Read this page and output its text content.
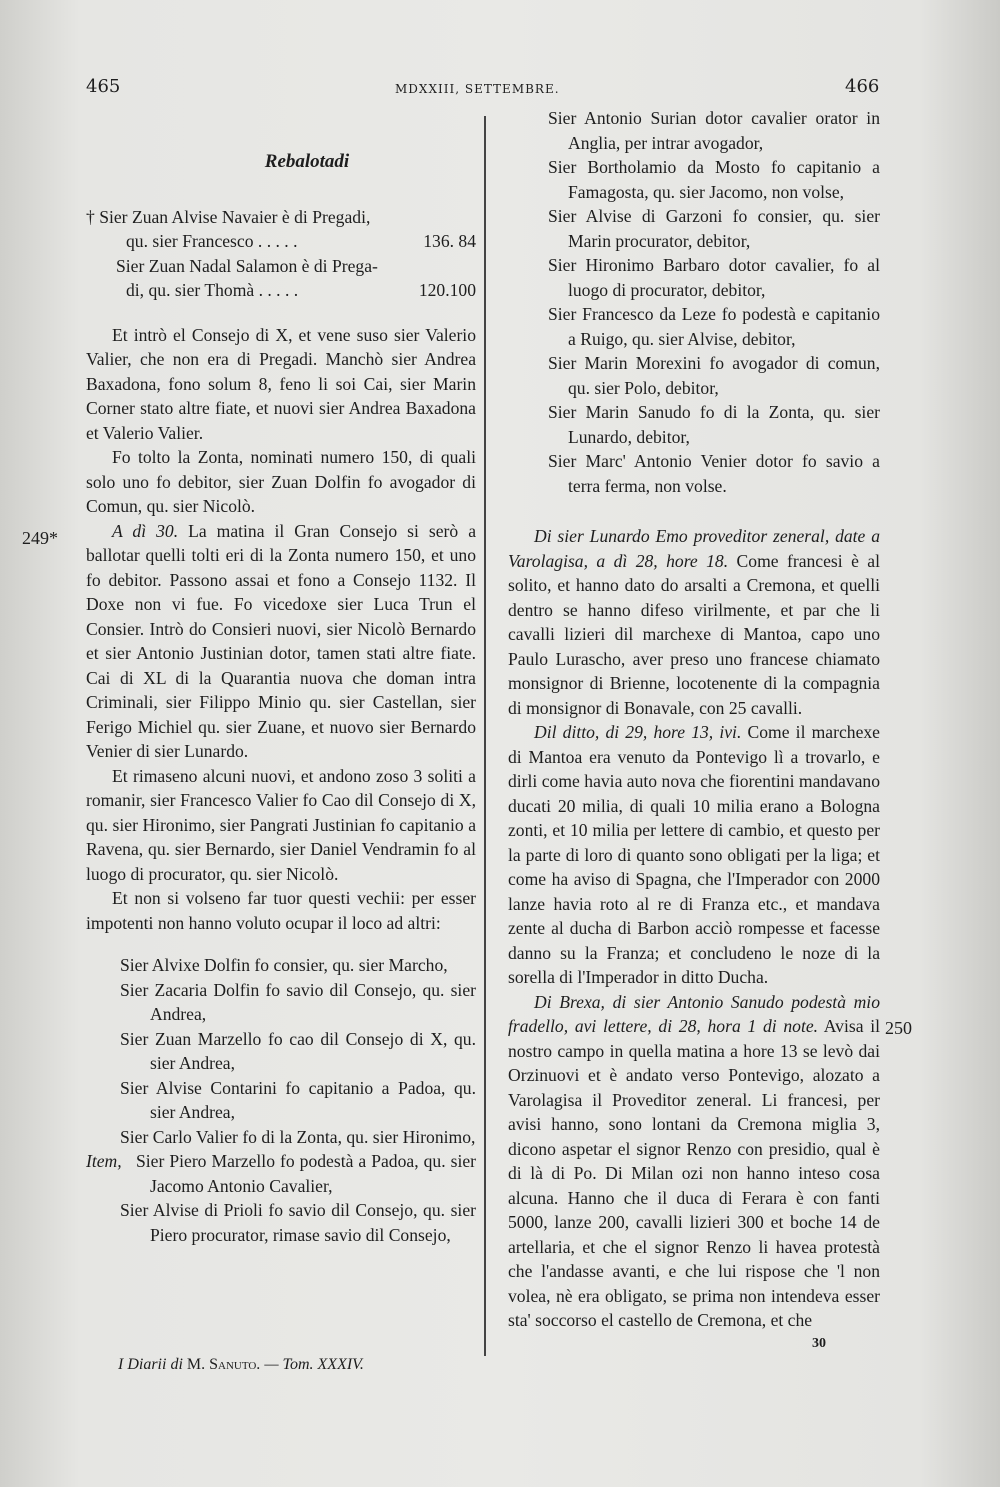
465	MDXXIII, SETTEMBRE.	466
249*
250
Rebalotadi
† Sier Zuan Alvise Navaier è di Pregadi,
qu. sier Francesco . . . . .	136. 84
Sier Zuan Nadal Salamon è di Prega-
di, qu. sier Thomà . . . . .	120.100

Et intrò el Consejo di X, et vene suso sier Valerio Valier, che non era di Pregadi. Manchò sier Andrea Baxadona, fono solum 8, feno li soi Cai, sier Marin Corner stato altre fiate, et nuovi sier Andrea Baxadona et Valerio Valier.

Fo tolto la Zonta, nominati numero 150, di quali solo uno fo debitor, sier Zuan Dolfin fo avogador di Comun, qu. sier Nicolò.

A dì 30. La matina il Gran Consejo si serò a ballotar quelli tolti eri di la Zonta numero 150, et uno fo debitor. Passono assai et fono a Consejo 1132. Il Doxe non vi fue. Fo vicedoxe sier Luca Trun el Consier. Intrò do Consieri nuovi, sier Nicolò Bernardo et sier Antonio Justinian dotor, tamen stati altre fiate. Cai di XL di la Quarantia nuova che doman intra Criminali, sier Filippo Minio qu. sier Castellan, sier Ferigo Michiel qu. sier Zuane, et nuovo sier Bernardo Venier di sier Lunardo.

Et rimaseno alcuni nuovi, et andono zoso 3 soliti a romanir, sier Francesco Valier fo Cao dil Consejo di X, qu. sier Hironimo, sier Pangrati Justinian fo capitanio a Ravena, qu. sier Bernardo, sier Daniel Vendramin fo al luogo di procurator, qu. sier Nicolò.

Et non si volseno far tuor questi vechii: per esser impotenti non hanno voluto ocupar il loco ad altri:

Sier Alvixe Dolfin fo consier, qu. sier Marcho,
Sier Zacaria Dolfin fo savio dil Consejo, qu. sier Andrea,
Sier Zuan Marzello fo cao dil Consejo di X, qu. sier Andrea,
Sier Alvise Contarini fo capitanio a Padoa, qu. sier Andrea,
Sier Carlo Valier fo di la Zonta, qu. sier Hironimo,
Item, Sier Piero Marzello fo podestà a Padoa, qu. sier Jacomo Antonio Cavalier,
Sier Alvise di Prioli fo savio dil Consejo, qu. sier Piero procurator, rimase savio dil Consejo,
Sier Antonio Surian dotor cavalier orator in Anglia, per intrar avogador,
Sier Bortholamio da Mosto fo capitanio a Famagosta, qu. sier Jacomo, non volse,
Sier Alvise di Garzoni fo consier, qu. sier Marin procurator, debitor,
Sier Hironimo Barbaro dotor cavalier, fo al luogo di procurator, debitor,
Sier Francesco da Leze fo podestà e capitanio a Ruigo, qu. sier Alvise, debitor,
Sier Marin Morexini fo avogador di comun, qu. sier Polo, debitor,
Sier Marin Sanudo fo di la Zonta, qu. sier Lunardo, debitor,
Sier Marc' Antonio Venier dotor fo savio a terra ferma, non volse.

Di sier Lunardo Emo proveditor zeneral, date a Varolagisa, a dì 28, hore 18. Come francesi è al solito, et hanno dato do arsalti a Cremona, et quelli dentro se hanno difeso virilmente, et par che li cavalli lizieri dil marchexe di Mantoa, capo uno Paulo Luraschо, aver preso uno francese chiamato monsignor di Brienne, locotenente di la compagnia di monsignor di Bonavale, con 25 cavalli.

Dil ditto, di 29, hore 13, ivi. Come il marchexe di Mantoa era venuto da Pontevigo lì a trovarlo, e dirli come havia auto nova che fiorentini mandavano ducati 20 milia, di quali 10 milia erano a Bologna zonti, et 10 milia per lettere di cambio, et questo per la parte di loro di quanto sono obligati per la liga; et come ha aviso di Spagna, che l'Imperador con 2000 lanze havia roto al re di Franza etc., et mandava zente al ducha di Barbon acciò rompesse et facesse danno su la Franza; et concludeno le noze di la sorella di l'Imperador in ditto Ducha.

Di Brexa, di sier Antonio Sanudo podestà mio fradello, avi lettere, di 28, hora 1 di note. Avisa il nostro campo in quella matina a hore 13 se levò dai Orzinuovi et è andato verso Pontevigo, alozato a Varolagisa il Proveditor zeneral. Li francesi, per avisi hanno, sono lontani da Cremona miglia 3, dicono aspetar el signor Renzo con presidio, qual è di là di Po. Di Milan ozi non hanno inteso cosa alcuna. Hanno che il duca di Ferara è con fanti 5000, lanze 200, cavalli lizieri 300 et boche 14 de artellaria, et che el signor Renzo li havea protestà che l'andasse avanti, e che lui rispose che 'l non volea, nè era obligato, se prima non intendeva esser sta' soccorso el castello de Cremona, et che

30
I Diarii di M. Sanuto. — Tom. XXXIV.
